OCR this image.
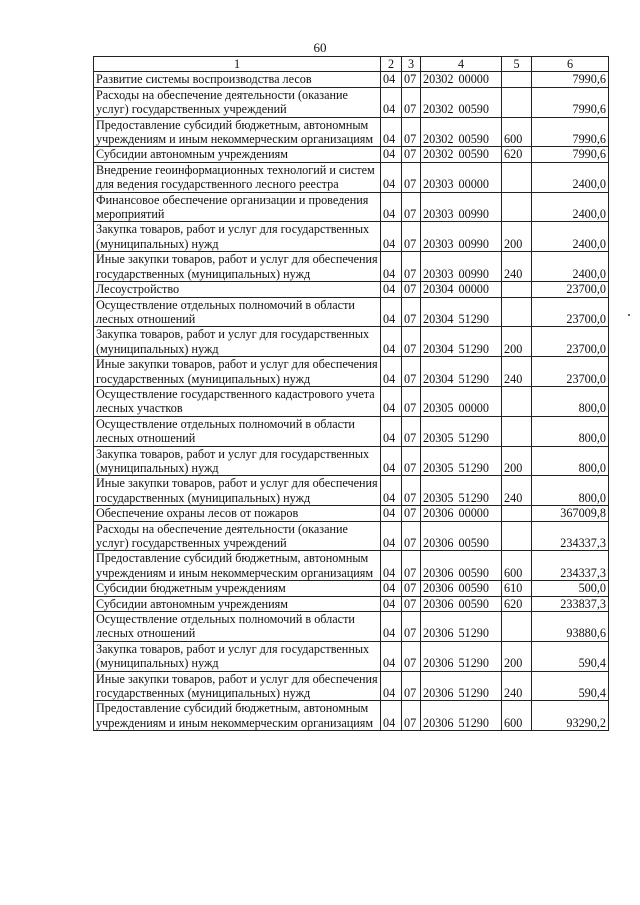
60
1	2	3	4	5	6
Развитие системы воспроизводства лесов	04	07	20302 00000		7990,6
Расходы на обеспечение деятельности (оказание услуг) государственных учреждений	04	07	20302 00590		7990,6
Предоставление субсидий бюджетным, автономным учреждениям и иным некоммерческим организациям	04	07	20302 00590	600	7990,6
Субсидии автономным учреждениям	04	07	20302 00590	620	7990,6
Внедрение геоинформационных технологий и систем для ведения государственного лесного реестра	04	07	20303 00000		2400,0
Финансовое обеспечение организации и проведения мероприятий	04	07	20303 00990		2400,0
Закупка товаров, работ и услуг для государственных (муниципальных) нужд	04	07	20303 00990	200	2400,0
Иные закупки товаров, работ и услуг для обеспечения государственных (муниципальных) нужд	04	07	20303 00990	240	2400,0
Лесоустройство	04	07	20304 00000		23700,0
Осуществление отдельных полномочий в области лесных отношений	04	07	20304 51290		23700,0
Закупка товаров, работ и услуг для государственных (муниципальных) нужд	04	07	20304 51290	200	23700,0
Иные закупки товаров, работ и услуг для обеспечения государственных (муниципальных) нужд	04	07	20304 51290	240	23700,0
Осуществление государственного кадастрового учета лесных участков	04	07	20305 00000		800,0
Осуществление отдельных полномочий в области лесных отношений	04	07	20305 51290		800,0
Закупка товаров, работ и услуг для государственных (муниципальных) нужд	04	07	20305 51290	200	800,0
Иные закупки товаров, работ и услуг для обеспечения государственных (муниципальных) нужд	04	07	20305 51290	240	800,0
Обеспечение охраны лесов от пожаров	04	07	20306 00000		367009,8
Расходы на обеспечение деятельности (оказание услуг) государственных учреждений	04	07	20306 00590		234337,3
Предоставление субсидий бюджетным, автономным учреждениям и иным некоммерческим организациям	04	07	20306 00590	600	234337,3
Субсидии бюджетным учреждениям	04	07	20306 00590	610	500,0
Субсидии автономным учреждениям	04	07	20306 00590	620	233837,3
Осуществление отдельных полномочий в области лесных отношений	04	07	20306 51290		93880,6
Закупка товаров, работ и услуг для государственных (муниципальных) нужд	04	07	20306 51290	200	590,4
Иные закупки товаров, работ и услуг для обеспечения государственных (муниципальных) нужд	04	07	20306 51290	240	590,4
Предоставление субсидий бюджетным, автономным учреждениям и иным некоммерческим организациям	04	07	20306 51290	600	93290,2
